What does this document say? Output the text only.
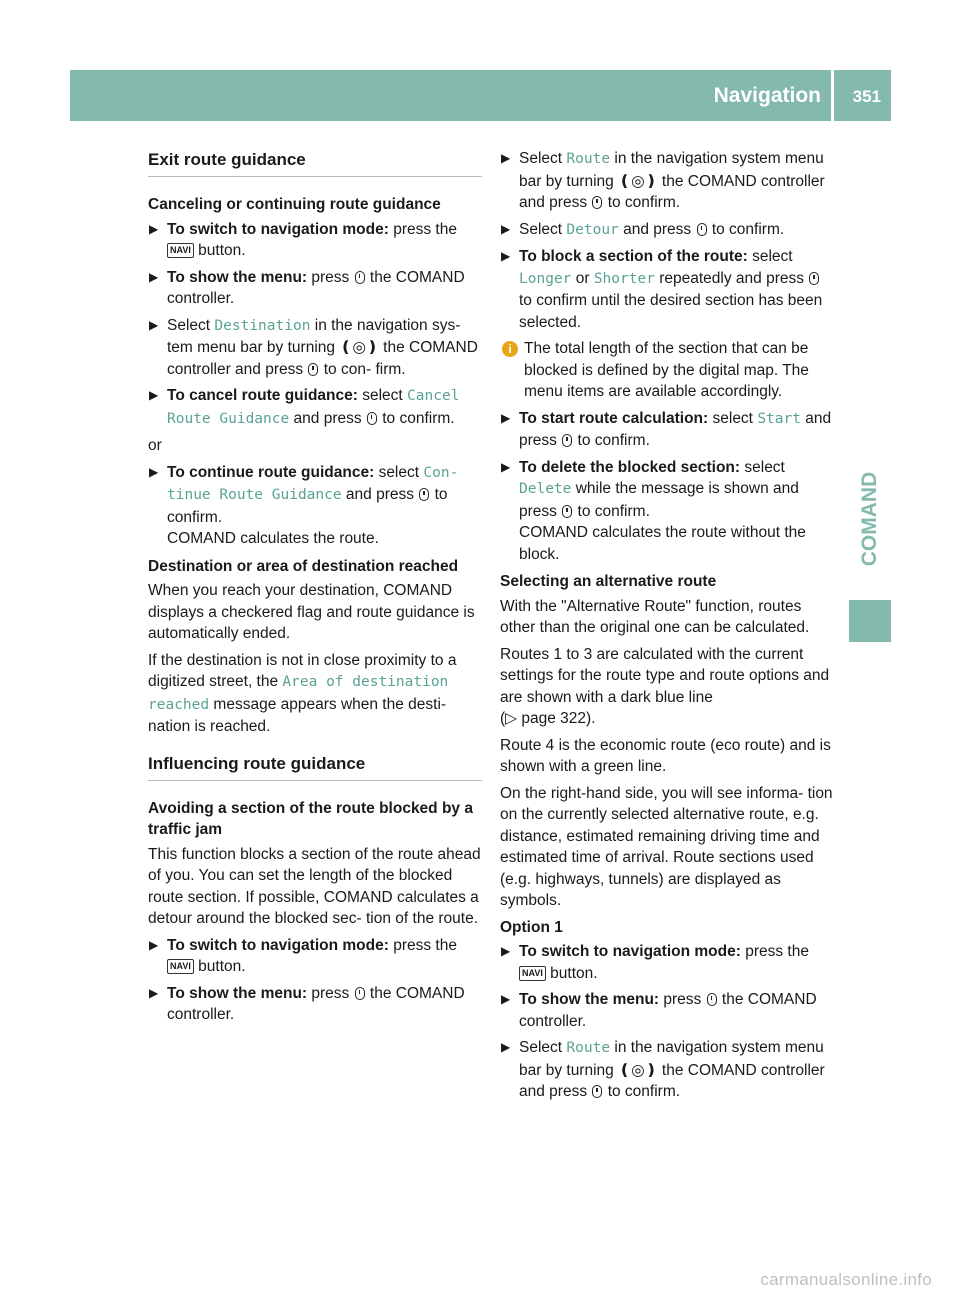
Navigation 351
COMAND
Exit route guidance
Canceling or continuing route guidance
▶ To switch to navigation mode: press the
NAVI button.
▶ To show the menu: press the COMAND controller.
▶ Select Destination in the navigation sys- tem menu bar by turning ❪◎❫ the COMAND controller and press to con- firm.
▶ To cancel route guidance: select Cancel Route Guidance and press to confirm.
or
▶ To continue route guidance: select Con- tinue Route Guidance and press to confirm.
COMAND calculates the route.
Destination or area of destination reached
When you reach your destination, COMAND displays a checkered flag and route guidance is automatically ended.
If the destination is not in close proximity to a digitized street, the Area of destination reached message appears when the desti- nation is reached.
Influencing route guidance
Avoiding a section of the route blocked by a traffic jam
This function blocks a section of the route ahead of you. You can set the length of the blocked route section. If possible, COMAND calculates a detour around the blocked sec- tion of the route.
▶ To switch to navigation mode: press the
NAVI button.
▶ To show the menu: press the COMAND controller.
▶ Select Route in the navigation system menu bar by turning ❪◎❫ the COMAND controller and press to confirm.
▶ Select Detour and press to confirm.
▶ To block a section of the route: select Longer or Shorter repeatedly and press  to confirm until the desired section has been selected.
i The total length of the section that can be blocked is defined by the digital map. The menu items are available accordingly.
▶ To start route calculation: select Start and press to confirm.
▶ To delete the blocked section: select Delete while the message is shown and press to confirm.
COMAND calculates the route without the block.
Selecting an alternative route
With the "Alternative Route" function, routes other than the original one can be calculated.
Routes 1 to 3 are calculated with the current settings for the route type and route options and are shown with a dark blue line
(▷ page 322).
Route 4 is the economic route (eco route) and is shown with a green line.
On the right-hand side, you will see informa- tion on the currently selected alternative route, e.g. distance, estimated remaining driving time and estimated time of arrival. Route sections used (e.g. highways, tunnels) are displayed as symbols.
Option 1
▶ To switch to navigation mode: press the
NAVI button.
▶ To show the menu: press the COMAND controller.
▶ Select Route in the navigation system menu bar by turning ❪◎❫ the COMAND controller and press to confirm.
carmanualsonline.info
